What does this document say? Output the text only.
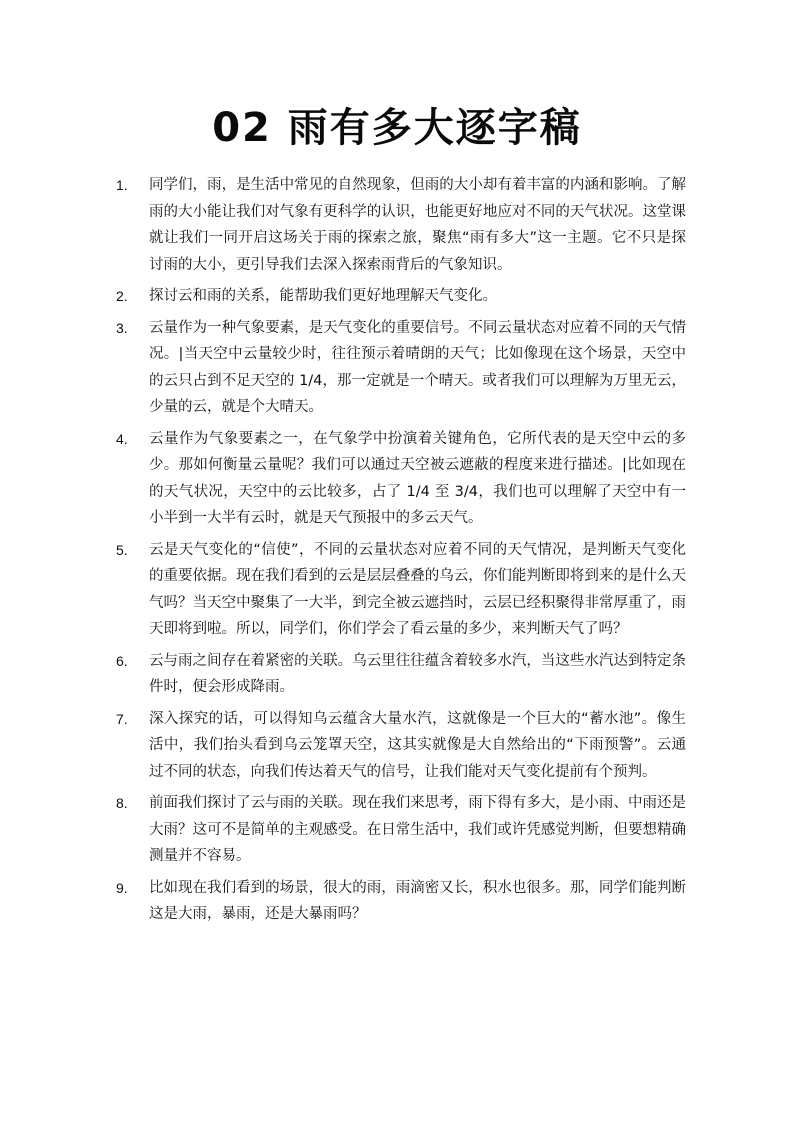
02 雨有多大逐字稿
1.	同学们，雨，是生活中常见的自然现象，但雨的大小却有着丰富的内涵和影响。了解雨的大小能让我们对气象有更科学的认识，也能更好地应对不同的天气状况。这堂课就让我们一同开启这场关于雨的探索之旅，聚焦“雨有多大”这一主题。它不只是探讨雨的大小，更引导我们去深入探索雨背后的气象知识。
2.	探讨云和雨的关系，能帮助我们更好地理解天气变化。
3.	云量作为一种气象要素，是天气变化的重要信号。不同云量状态对应着不同的天气情况。|当天空中云量较少时，往往预示着晴朗的天气；比如像现在这个场景，天空中的云只占到不足天空的 1/4，那一定就是一个晴天。或者我们可以理解为万里无云，少量的云，就是个大晴天。
4.	云量作为气象要素之一，在气象学中扮演着关键角色，它所代表的是天空中云的多少。那如何衡量云量呢？我们可以通过天空被云遮蔽的程度来进行描述。|比如现在的天气状况，天空中的云比较多，占了 1/4 至 3/4，我们也可以理解了天空中有一小半到一大半有云时，就是天气预报中的多云天气。
5.	云是天气变化的“信使”，不同的云量状态对应着不同的天气情况，是判断天气变化的重要依据。现在我们看到的云是层层叠叠的乌云，你们能判断即将到来的是什么天气吗？当天空中聚集了一大半，到完全被云遮挡时，云层已经积聚得非常厚重了，雨天即将到啦。所以，同学们，你们学会了看云量的多少，来判断天气了吗？
6.	云与雨之间存在着紧密的关联。乌云里往往蕴含着较多水汽，当这些水汽达到特定条件时，便会形成降雨。
7.	深入探究的话，可以得知乌云蕴含大量水汽，这就像是一个巨大的“蓄水池”。像生活中，我们抬头看到乌云笼罩天空，这其实就像是大自然给出的“下雨预警”。云通过不同的状态，向我们传达着天气的信号，让我们能对天气变化提前有个预判。
8.	前面我们探讨了云与雨的关联。现在我们来思考，雨下得有多大，是小雨、中雨还是大雨？这可不是简单的主观感受。在日常生活中，我们或许凭感觉判断，但要想精确测量并不容易。
9.	比如现在我们看到的场景，很大的雨，雨滴密又长，积水也很多。那，同学们能判断这是大雨，暴雨，还是大暴雨吗？
